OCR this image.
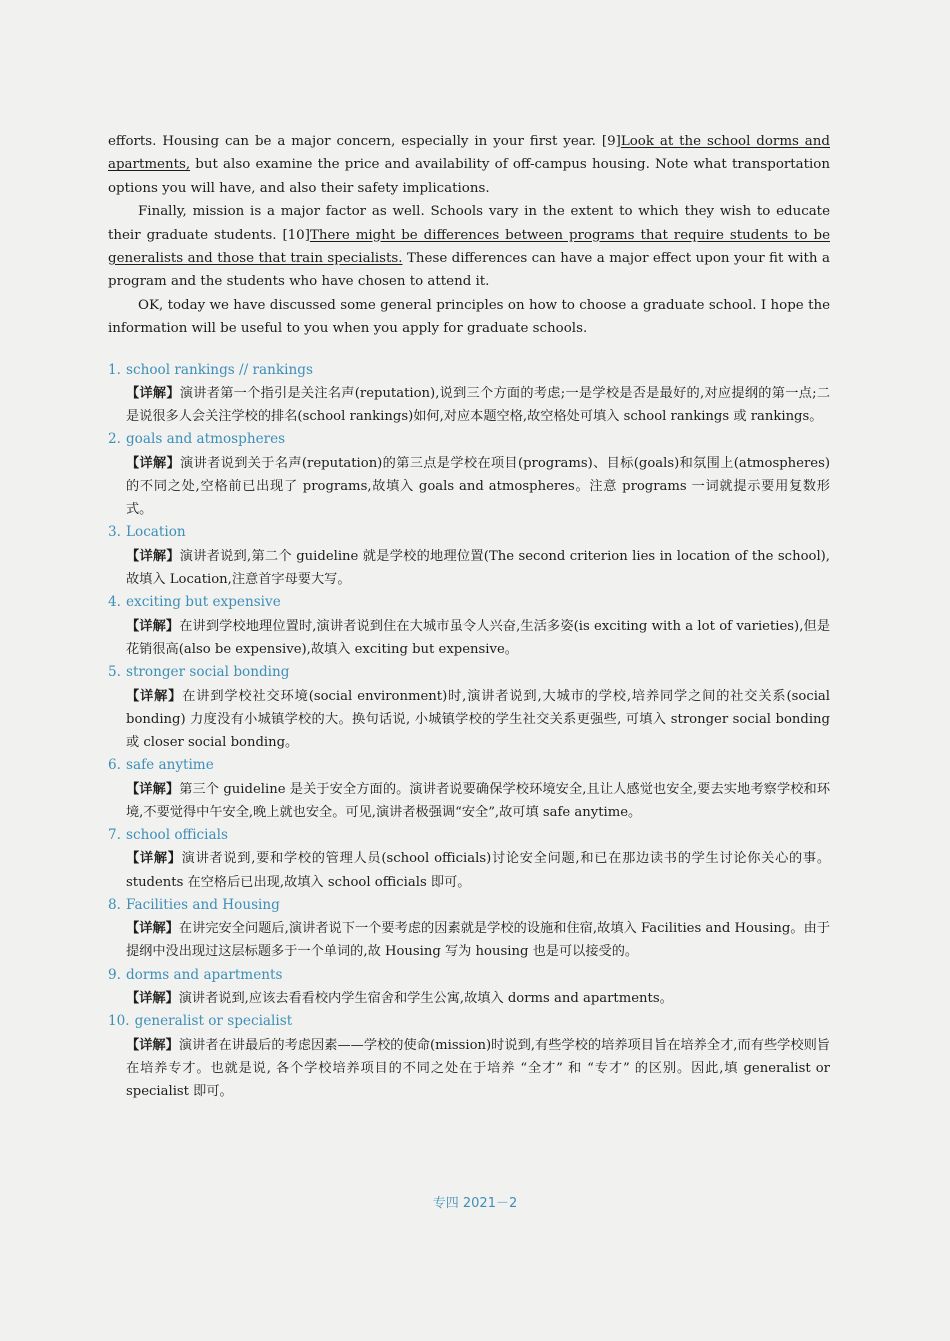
efforts. Housing can be a major concern, especially in your first year. [9]Look at the school dorms and apartments, but also examine the price and availability of off-campus housing. Note what transportation options you will have, and also their safety implications.

Finally, mission is a major factor as well. Schools vary in the extent to which they wish to educate their graduate students. [10]There might be differences between programs that require students to be generalists and those that train specialists. These differences can have a major effect upon your fit with a program and the students who have chosen to attend it.

OK, today we have discussed some general principles on how to choose a graduate school. I hope the information will be useful to you when you apply for graduate schools.

1. school rankings // rankings

【详解】演讲者第一个指引是关注名声(reputation),说到三个方面的考虑;一是学校是否是最好的,对应提纲的第一点;二是说很多人会关注学校的排名(school rankings)如何,对应本题空格,故空格处可填入 school rankings 或 rankings。

2. goals and atmospheres

【详解】演讲者说到关于名声(reputation)的第三点是学校在项目(programs)、目标(goals)和氛围上(atmospheres)的不同之处,空格前已出现了 programs,故填入 goals and atmospheres。注意 programs 一词就提示要用复数形式。

3. Location

【详解】演讲者说到,第二个 guideline 就是学校的地理位置(The second criterion lies in location of the school),故填入 Location,注意首字母要大写。

4. exciting but expensive

【详解】在讲到学校地理位置时,演讲者说到住在大城市虽令人兴奋,生活多姿(is exciting with a lot of varieties),但是花销很高(also be expensive),故填入 exciting but expensive。

5. stronger social bonding

【详解】在讲到学校社交环境(social environment)时,演讲者说到,大城市的学校,培养同学之间的社交关系(social bonding) 力度没有小城镇学校的大。换句话说, 小城镇学校的学生社交关系更强些, 可填入 stronger social bonding 或 closer social bonding。

6. safe anytime

【详解】第三个 guideline 是关于安全方面的。演讲者说要确保学校环境安全,且让人感觉也安全,要去实地考察学校和环境,不要觉得中午安全,晚上就也安全。可见,演讲者极强调“安全”,故可填 safe anytime。

7. school officials

【详解】演讲者说到,要和学校的管理人员(school officials)讨论安全问题,和已在那边读书的学生讨论你关心的事。students 在空格后已出现,故填入 school officials 即可。

8. Facilities and Housing

【详解】在讲完安全问题后,演讲者说下一个要考虑的因素就是学校的设施和住宿,故填入 Facilities and Housing。由于提纲中没出现过这层标题多于一个单词的,故 Housing 写为 housing 也是可以接受的。

9. dorms and apartments

【详解】演讲者说到,应该去看看校内学生宿舍和学生公寓,故填入 dorms and apartments。

10. generalist or specialist

【详解】演讲者在讲最后的考虑因素——学校的使命(mission)时说到,有些学校的培养项目旨在培养全才,而有些学校则旨在培养专才。也就是说, 各个学校培养项目的不同之处在于培养 “全才” 和 “专才” 的区别。因此,填 generalist or specialist 即可。

专四 2021－2
